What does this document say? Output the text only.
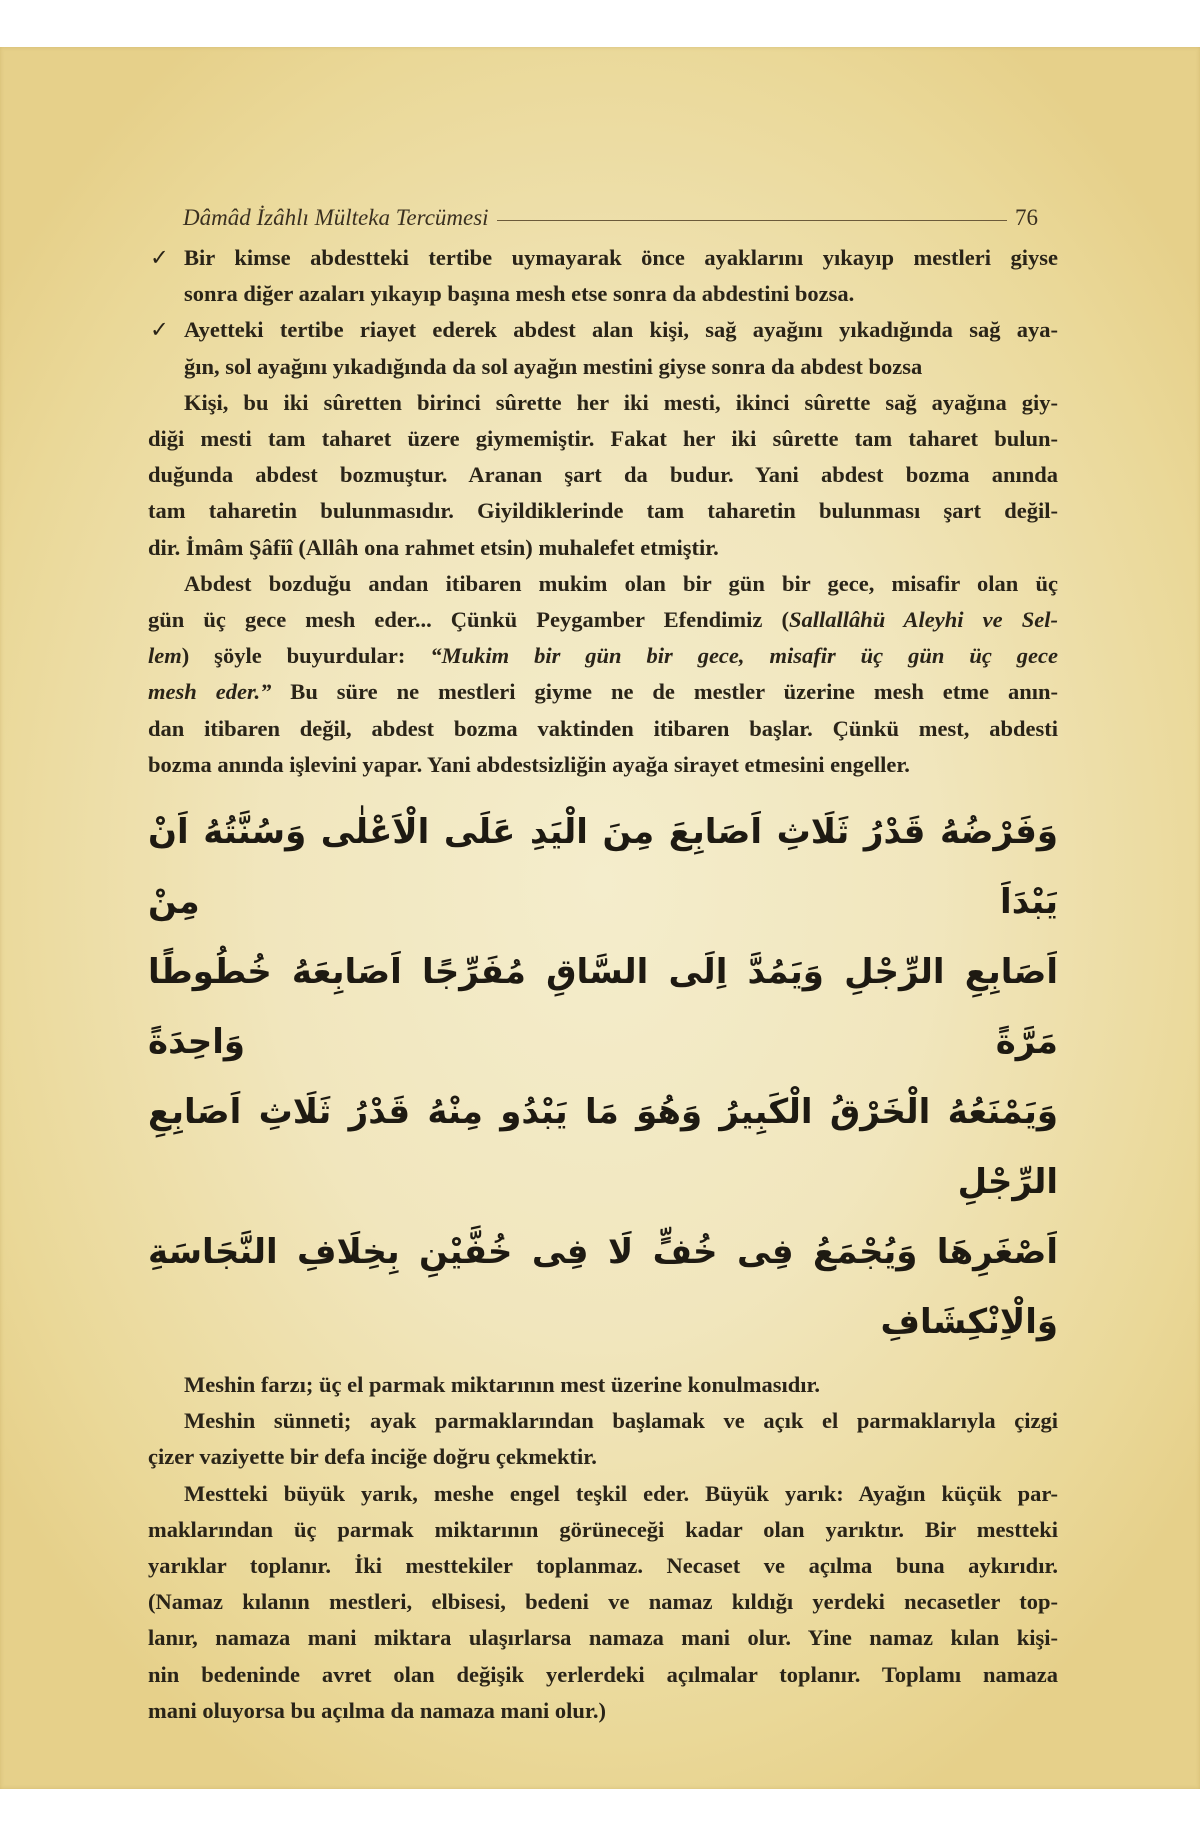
Dâmâd İzâhlı Mülteka Tercümesi	76
✓ Bir kimse abdestteki tertibe uymayarak önce ayaklarını yıkayıp mestleri giyse
sonra diğer azaları yıkayıp başına mesh etse sonra da abdestini bozsa.
✓ Ayetteki tertibe riayet ederek abdest alan kişi, sağ ayağını yıkadığında sağ aya-
ğın, sol ayağını yıkadığında da sol ayağın mestini giyse sonra da abdest bozsa
Kişi, bu iki sûretten birinci sûrette her iki mesti, ikinci sûrette sağ ayağına giy-
diği mesti tam taharet üzere giymemiştir. Fakat her iki sûrette tam taharet bulun-
duğunda abdest bozmuştur. Aranan şart da budur. Yani abdest bozma anında
tam taharetin bulunmasıdır. Giyildiklerinde tam taharetin bulunması şart değil-
dir. İmâm Şâfiî (Allâh ona rahmet etsin) muhalefet etmiştir.
Abdest bozduğu andan itibaren mukim olan bir gün bir gece, misafir olan üç
gün üç gece mesh eder... Çünkü Peygamber Efendimiz (Sallallâhü Aleyhi ve Sel-
lem) şöyle buyurdular: “Mukim bir gün bir gece, misafir üç gün üç gece
mesh eder.” Bu süre ne mestleri giyme ne de mestler üzerine mesh etme anın-
dan itibaren değil, abdest bozma vaktinden itibaren başlar. Çünkü mest, abdesti
bozma anında işlevini yapar. Yani abdestsizliğin ayağa sirayet etmesini engeller.
وَفَرْضُهُ قَدْرُ ثَلَاثِ اَصَابِعَ مِنَ الْيَدِ عَلَى الْاَعْلٰى وَسُنَّتُهُ اَنْ يَبْدَاَ مِنْ
اَصَابِعِ الرِّجْلِ وَيَمُدَّ اِلَى السَّاقِ مُفَرِّجًا اَصَابِعَهُ خُطُوطًا مَرَّةً وَاحِدَةً
وَيَمْنَعُهُ الْخَرْقُ الْكَبِيرُ وَهُوَ مَا يَبْدُو مِنْهُ قَدْرُ ثَلَاثِ اَصَابِعِ الرِّجْلِ
اَصْغَرِهَا وَيُجْمَعُ فِى خُفٍّ لَا فِى خُفَّيْنِ بِخِلَافِ النَّجَاسَةِ وَالْاِنْكِشَافِ
Meshin farzı; üç el parmak miktarının mest üzerine konulmasıdır.
Meshin sünneti; ayak parmaklarından başlamak ve açık el parmaklarıyla çizgi
çizer vaziyette bir defa inciğe doğru çekmektir.
Mestteki büyük yarık, meshe engel teşkil eder. Büyük yarık: Ayağın küçük par-
maklarından üç parmak miktarının görüneceği kadar olan yarıktır. Bir mestteki
yarıklar toplanır. İki mesttekiler toplanmaz. Necaset ve açılma buna aykırıdır.
(Namaz kılanın mestleri, elbisesi, bedeni ve namaz kıldığı yerdeki necasetler top-
lanır, namaza mani miktara ulaşırlarsa namaza mani olur. Yine namaz kılan kişi-
nin bedeninde avret olan değişik yerlerdeki açılmalar toplanır. Toplamı namaza
mani oluyorsa bu açılma da namaza mani olur.)
